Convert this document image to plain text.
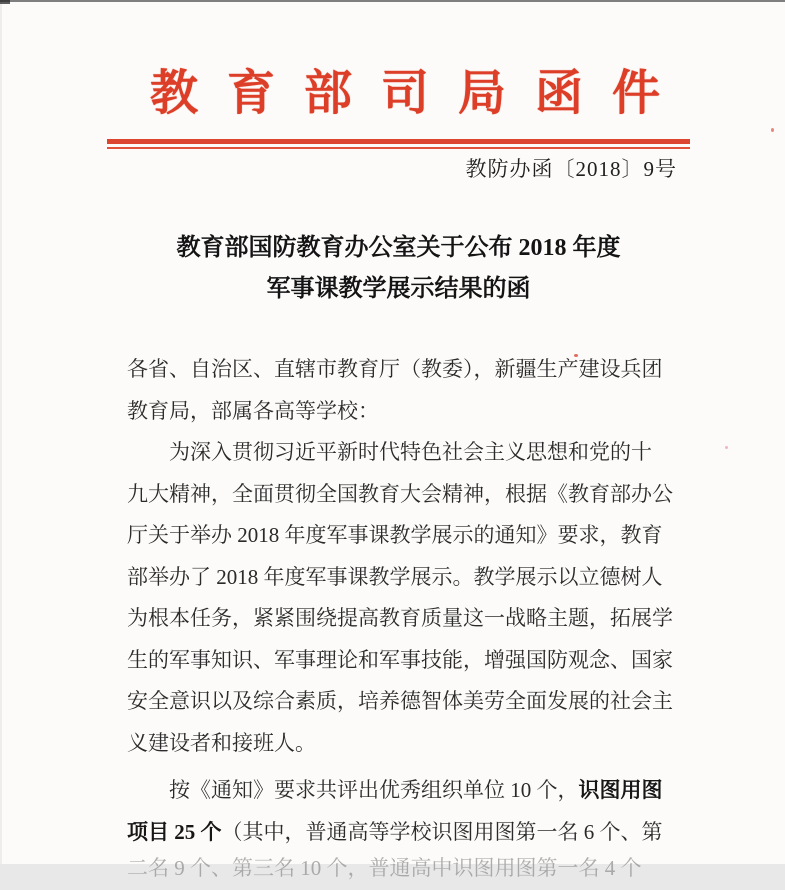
教育部司局函件
教防办函〔2018〕9号
教育部国防教育办公室关于公布 2018 年度
军事课教学展示结果的函
各省、自治区、直辖市教育厅（教委），新疆生产建设兵团
教育局，部属各高等学校：
为深入贯彻习近平新时代特色社会主义思想和党的十
九大精神，全面贯彻全国教育大会精神，根据《教育部办公
厅关于举办 2018 年度军事课教学展示的通知》要求，教育
部举办了 2018 年度军事课教学展示。教学展示以立德树人
为根本任务，紧紧围绕提高教育质量这一战略主题，拓展学
生的军事知识、军事理论和军事技能，增强国防观念、国家
安全意识以及综合素质，培养德智体美劳全面发展的社会主
义建设者和接班人。
按《通知》要求共评出优秀组织单位 10 个，识图用图
项目 25 个（其中，普通高等学校识图用图第一名 6 个、第
二名 9 个、第三名 10 个，普通高中识图用图第一名 4 个
